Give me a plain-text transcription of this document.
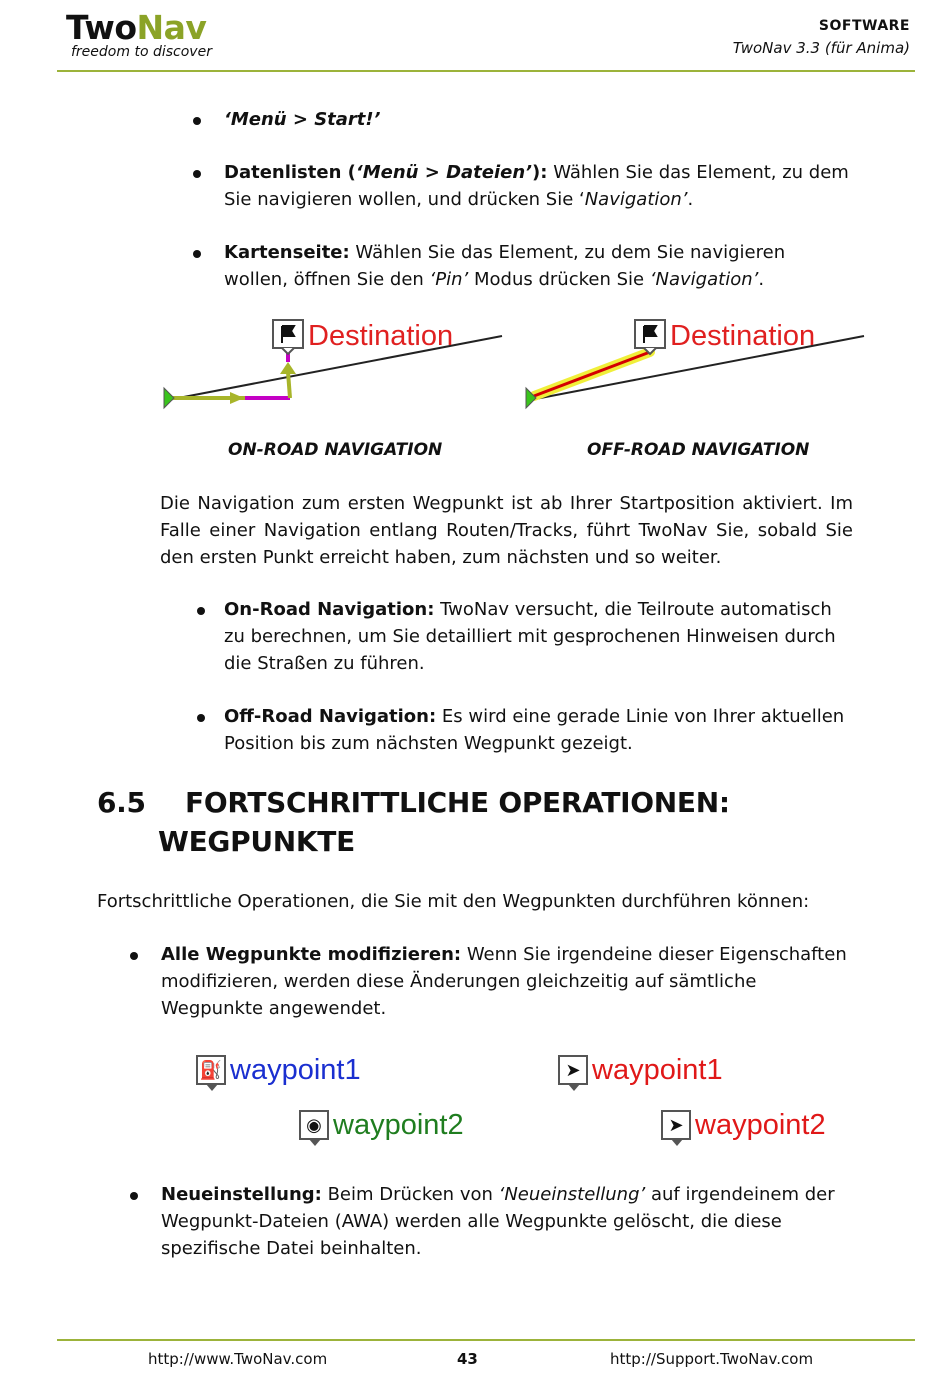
TwoNav
freedom to discover
SOFTWARE
TwoNav 3.3 (für Anima)
‘Menü > Start!’
Datenlisten (‘Menü > Dateien’): Wählen Sie das Element, zu dem Sie navigieren wollen, und drücken Sie ‘Navigation’.
Kartenseite: Wählen Sie das Element, zu dem Sie navigieren wollen, öffnen Sie den ‘Pin’ Modus drücken Sie ‘Navigation’.
Destination
ON-ROAD NAVIGATION
Destination
OFF-ROAD NAVIGATION
Die Navigation zum ersten Wegpunkt ist ab Ihrer Startposition aktiviert. Im Falle einer Navigation entlang Routen/Tracks, führt TwoNav Sie, sobald Sie den ersten Punkt erreicht haben, zum nächsten und so weiter.
On-Road Navigation: TwoNav versucht, die Teilroute automatisch zu berechnen, um Sie detailliert mit gesprochenen Hinweisen durch die Straßen zu führen.
Off-Road Navigation: Es wird eine gerade Linie von Ihrer aktuellen Position bis zum nächsten Wegpunkt gezeigt.
6.5 FORTSCHRITTLICHE OPERATIONEN:
WEGPUNKTE
Fortschrittliche Operationen, die Sie mit den Wegpunkten durchführen können:
Alle Wegpunkte modifizieren: Wenn Sie irgendeine dieser Eigenschaften modifizieren, werden diese Änderungen gleichzeitig auf sämtliche Wegpunkte angewendet.
⛽ waypoint1
◉ waypoint2
➤ waypoint1
➤ waypoint2
Neueinstellung: Beim Drücken von ‘Neueinstellung’ auf irgendeinem der Wegpunkt-Dateien (AWA) werden alle Wegpunkte gelöscht, die diese spezifische Datei beinhalten.
http://www.TwoNav.com	43	http://Support.TwoNav.com
